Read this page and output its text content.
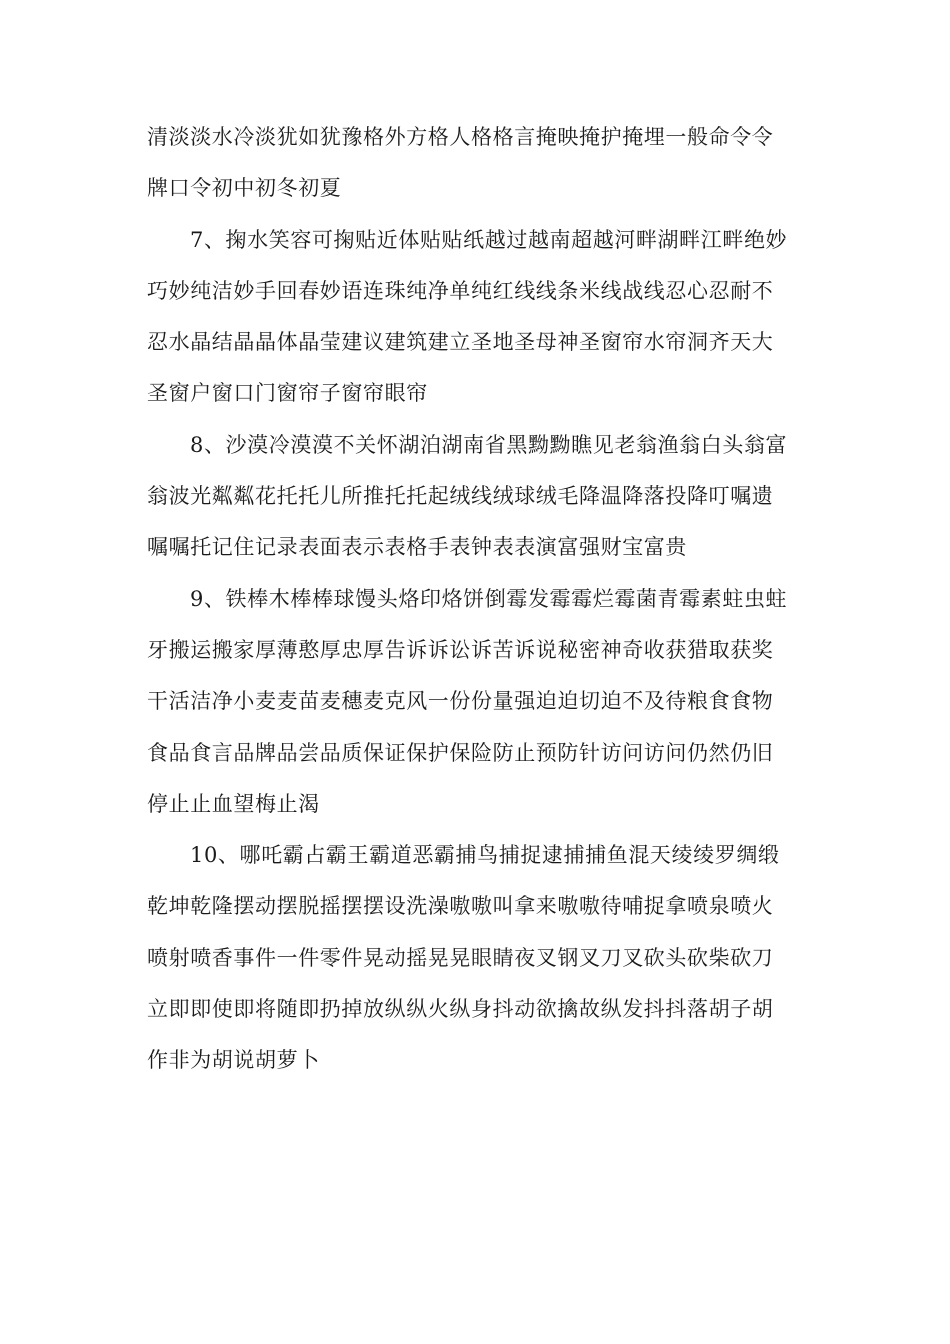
清淡淡水冷淡犹如犹豫格外方格人格格言掩映掩护掩埋一般命令令
牌口令初中初冬初夏

7、掬水笑容可掬贴近体贴贴纸越过越南超越河畔湖畔江畔绝妙
巧妙纯洁妙手回春妙语连珠纯净单纯红线线条米线战线忍心忍耐不
忍水晶结晶晶体晶莹建议建筑建立圣地圣母神圣窗帘水帘洞齐天大
圣窗户窗口门窗帘子窗帘眼帘

8、沙漠冷漠漠不关怀湖泊湖南省黑黝黝瞧见老翁渔翁白头翁富
翁波光粼粼花托托儿所推托托起绒线绒球绒毛降温降落投降叮嘱遗
嘱嘱托记住记录表面表示表格手表钟表表演富强财宝富贵

9、铁棒木棒棒球馒头烙印烙饼倒霉发霉霉烂霉菌青霉素蛀虫蛀
牙搬运搬家厚薄憨厚忠厚告诉诉讼诉苦诉说秘密神奇收获猎取获奖
干活洁净小麦麦苗麦穗麦克风一份份量强迫迫切迫不及待粮食食物
食品食言品牌品尝品质保证保护保险防止预防针访问访问仍然仍旧
停止止血望梅止渴

10、哪吒霸占霸王霸道恶霸捕鸟捕捉逮捕捕鱼混天绫绫罗绸缎
乾坤乾隆摆动摆脱摇摆摆设洗澡嗷嗷叫拿来嗷嗷待哺捉拿喷泉喷火
喷射喷香事件一件零件晃动摇晃晃眼睛夜叉钢叉刀叉砍头砍柴砍刀
立即即使即将随即扔掉放纵纵火纵身抖动欲擒故纵发抖抖落胡子胡
作非为胡说胡萝卜
